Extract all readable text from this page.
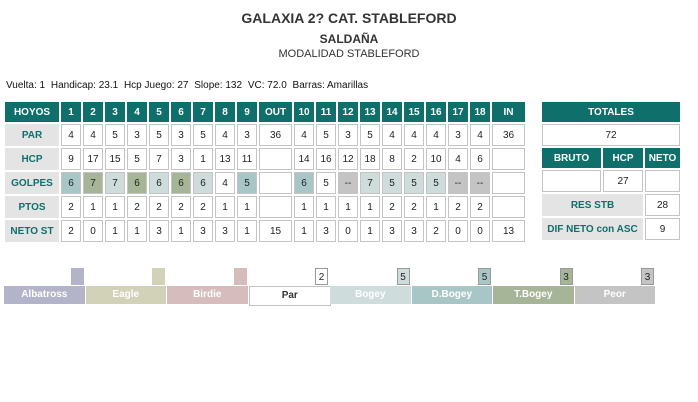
GALAXIA 2? CAT. STABLEFORD
SALDAÑA
MODALIDAD STABLEFORD
Vuelta: 1 Handicap: 23.1 Hcp Juego: 27 Slope: 132 VC: 72.0 Barras: Amarillas
HOYOS	1	2	3	4	5	6	7	8	9	OUT	10	11	12	13	14	15	16	17	18	IN
PAR	4	4	5	3	5	3	5	4	3	36	4	5	3	5	4	4	4	3	4	36
HCP	9	17	15	5	7	3	1	13	11		14	16	12	18	8	2	10	4	6	
GOLPES	6	7	7	6	6	6	6	4	5		6	5	--	7	5	5	5	--	--	
PTOS	2	1	1	2	2	2	2	1	1		1	1	1	1	2	2	1	2	2	
NETO ST	2	0	1	1	3	1	3	3	1	15	1	3	0	1	3	3	2	0	0	13
TOTALES		
72		
BRUTO	HCP	NETO
	27	
RES STB		28
DIF NETO con ASC		9
Albatross	Eagle	Birdie	Par
2
Bogey
5
D.Bogey
5
T.Bogey
3
Peor
3
